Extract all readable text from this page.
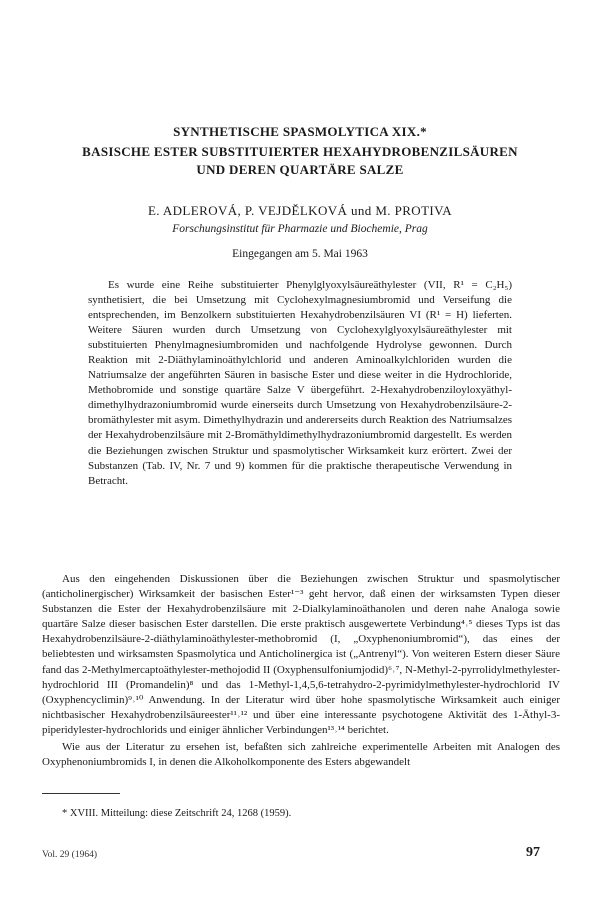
SYNTHETISCHE SPASMOLYTICA XIX.*
BASISCHE ESTER SUBSTITUIERTER HEXAHYDROBENZILSÄUREN
UND DEREN QUARTÄRE SALZE
E. ADLEROVÁ, P. VEJDĚLKOVÁ und M. PROTIVA
Forschungsinstitut für Pharmazie und Biochemie, Prag
Eingegangen am 5. Mai 1963

Es wurde eine Reihe substituierter Phenylglyoxylsäureäthylester (VII, R¹ = C₂H₅) synthetisiert, die bei Umsetzung mit Cyclohexylmagnesiumbromid und Verseifung die entsprechenden, im Benzolkern substituierten Hexahydrobenzilsäuren VI (R¹ = H) lieferten. Weitere Säuren wurden durch Umsetzung von Cyclohexylglyoxylsäureäthylester mit substituierten Phenylmagnesiumbromiden und nachfolgende Hydrolyse gewonnen. Durch Reaktion mit 2-Diäthylaminoäthylchlorid und anderen Aminoalkylchloriden wurden die Natriumsalze der angeführten Säuren in basische Ester und diese weiter in die Hydrochloride, Methobromide und sonstige quartäre Salze V übergeführt. 2-Hexahydrobenziloyloxyäthyl-dimethylhydrazoniumbromid wurde einerseits durch Umsetzung von Hexahydrobenzilsäure-2-bromäthylester mit asym. Dimethylhydrazin und andererseits durch Reaktion des Natriumsalzes der Hexahydrobenzilsäure mit 2-Bromäthyldimethylhydrazoniumbromid dargestellt. Es werden die Beziehungen zwischen Struktur und spasmolytischer Wirksamkeit kurz erörtert. Zwei der Substanzen (Tab. IV, Nr. 7 und 9) kommen für die praktische therapeutische Verwendung in Betracht.

Aus den eingehenden Diskussionen über die Beziehungen zwischen Struktur und spasmolytischer (anticholinergischer) Wirksamkeit der basischen Ester¹⁻³ geht hervor, daß einen der wirksamsten Typen dieser Substanzen die Ester der Hexahydrobenzilsäure mit 2-Dialkylaminoäthanolen und deren nahe Analoga sowie quartäre Salze dieser basischen Ester darstellen. Die erste praktisch ausgewertete Verbindung⁴˒⁵ dieses Typs ist das Hexahydrobenzilsäure-2-diäthylaminoäthylester-methobromid (I, „Oxyphenoniumbromid“), das eines der beliebtesten und wirksamsten Spasmolytica und Anticholinergica ist („Antrenyl“). Von weiteren Estern dieser Säure fand das 2-Methylmercaptoäthylester-methojodid II (Oxyphensulfoniumjodid)⁶˒⁷, N-Methyl-2-pyrrolidylmethylester-hydrochlorid III (Promandelin)⁸ und das 1-Methyl-1,4,5,6-tetrahydro-2-pyrimidylmethylester-hydrochlorid IV (Oxyphencyclimin)⁹˒¹⁰ Anwendung. In der Literatur wird über hohe spasmolytische Wirksamkeit auch einiger nichtbasischer Hexahydrobenzilsäureester¹¹˒¹² und über eine interessante psychotogene Aktivität des 1-Äthyl-3-piperidylester-hydrochlorids und einiger ähnlicher Verbindungen¹³˒¹⁴ berichtet.

Wie aus der Literatur zu ersehen ist, befaßten sich zahlreiche experimentelle Arbeiten mit Analogen des Oxyphenoniumbromids I, in denen die Alkoholkomponente des Esters abgewandelt

* XVIII. Mitteilung: diese Zeitschrift 24, 1268 (1959).
Vol. 29 (1964)	97
